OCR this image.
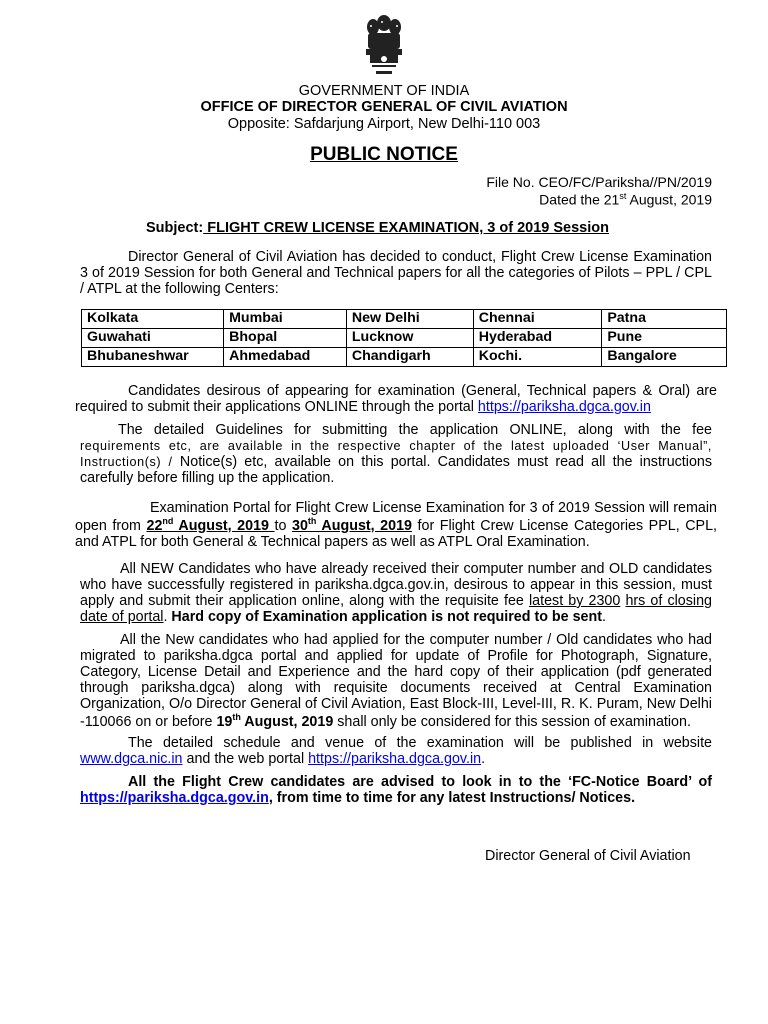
GOVERNMENT OF INDIA
OFFICE OF DIRECTOR GENERAL OF CIVIL AVIATION
Opposite: Safdarjung Airport, New Delhi-110 003
PUBLIC NOTICE
File No. CEO/FC/Pariksha//PN/2019
Dated the 21st August, 2019
Subject: FLIGHT CREW LICENSE EXAMINATION, 3 of 2019 Session

Director General of Civil Aviation has decided to conduct, Flight Crew License Examination 3 of 2019 Session for both General and Technical papers for all the categories of Pilots – PPL / CPL / ATPL at the following Centers:

Kolkata	Mumbai	New Delhi	Chennai	Patna
Guwahati	Bhopal	Lucknow	Hyderabad	Pune
Bhubaneshwar	Ahmedabad	Chandigarh	Kochi.	Bangalore

Candidates desirous of appearing for examination (General, Technical papers & Oral) are required to submit their applications ONLINE through the portal https://pariksha.dgca.gov.in

The detailed Guidelines for submitting the application ONLINE, along with the fee requirements etc, are available in the respective chapter of the latest uploaded ‘User Manual”, Instruction(s) / Notice(s) etc, available on this portal. Candidates must read all the instructions carefully before filling up the application.

Examination Portal for Flight Crew License Examination for 3 of 2019 Session will remain open from 22nd August, 2019 to 30th August, 2019 for Flight Crew License Categories PPL, CPL, and ATPL for both General & Technical papers as well as ATPL Oral Examination.

All NEW Candidates who have already received their computer number and OLD candidates who have successfully registered in pariksha.dgca.gov.in, desirous to appear in this session, must apply and submit their application online, along with the requisite fee latest by 2300 hrs of closing date of portal. Hard copy of Examination application is not required to be sent.

All the New candidates who had applied for the computer number / Old candidates who had migrated to pariksha.dgca portal and applied for update of Profile for Photograph, Signature, Category, License Detail and Experience and the hard copy of their application (pdf generated through pariksha.dgca) along with requisite documents received at Central Examination Organization, O/o Director General of Civil Aviation, East Block-III, Level-III, R. K. Puram, New Delhi -110066 on or before 19th August, 2019 shall only be considered for this session of examination.

The detailed schedule and venue of the examination will be published in website www.dgca.nic.in and the web portal https://pariksha.dgca.gov.in.

All the Flight Crew candidates are advised to look in to the ‘FC-Notice Board’ of https://pariksha.dgca.gov.in, from time to time for any latest Instructions/ Notices.

Director General of Civil Aviation
